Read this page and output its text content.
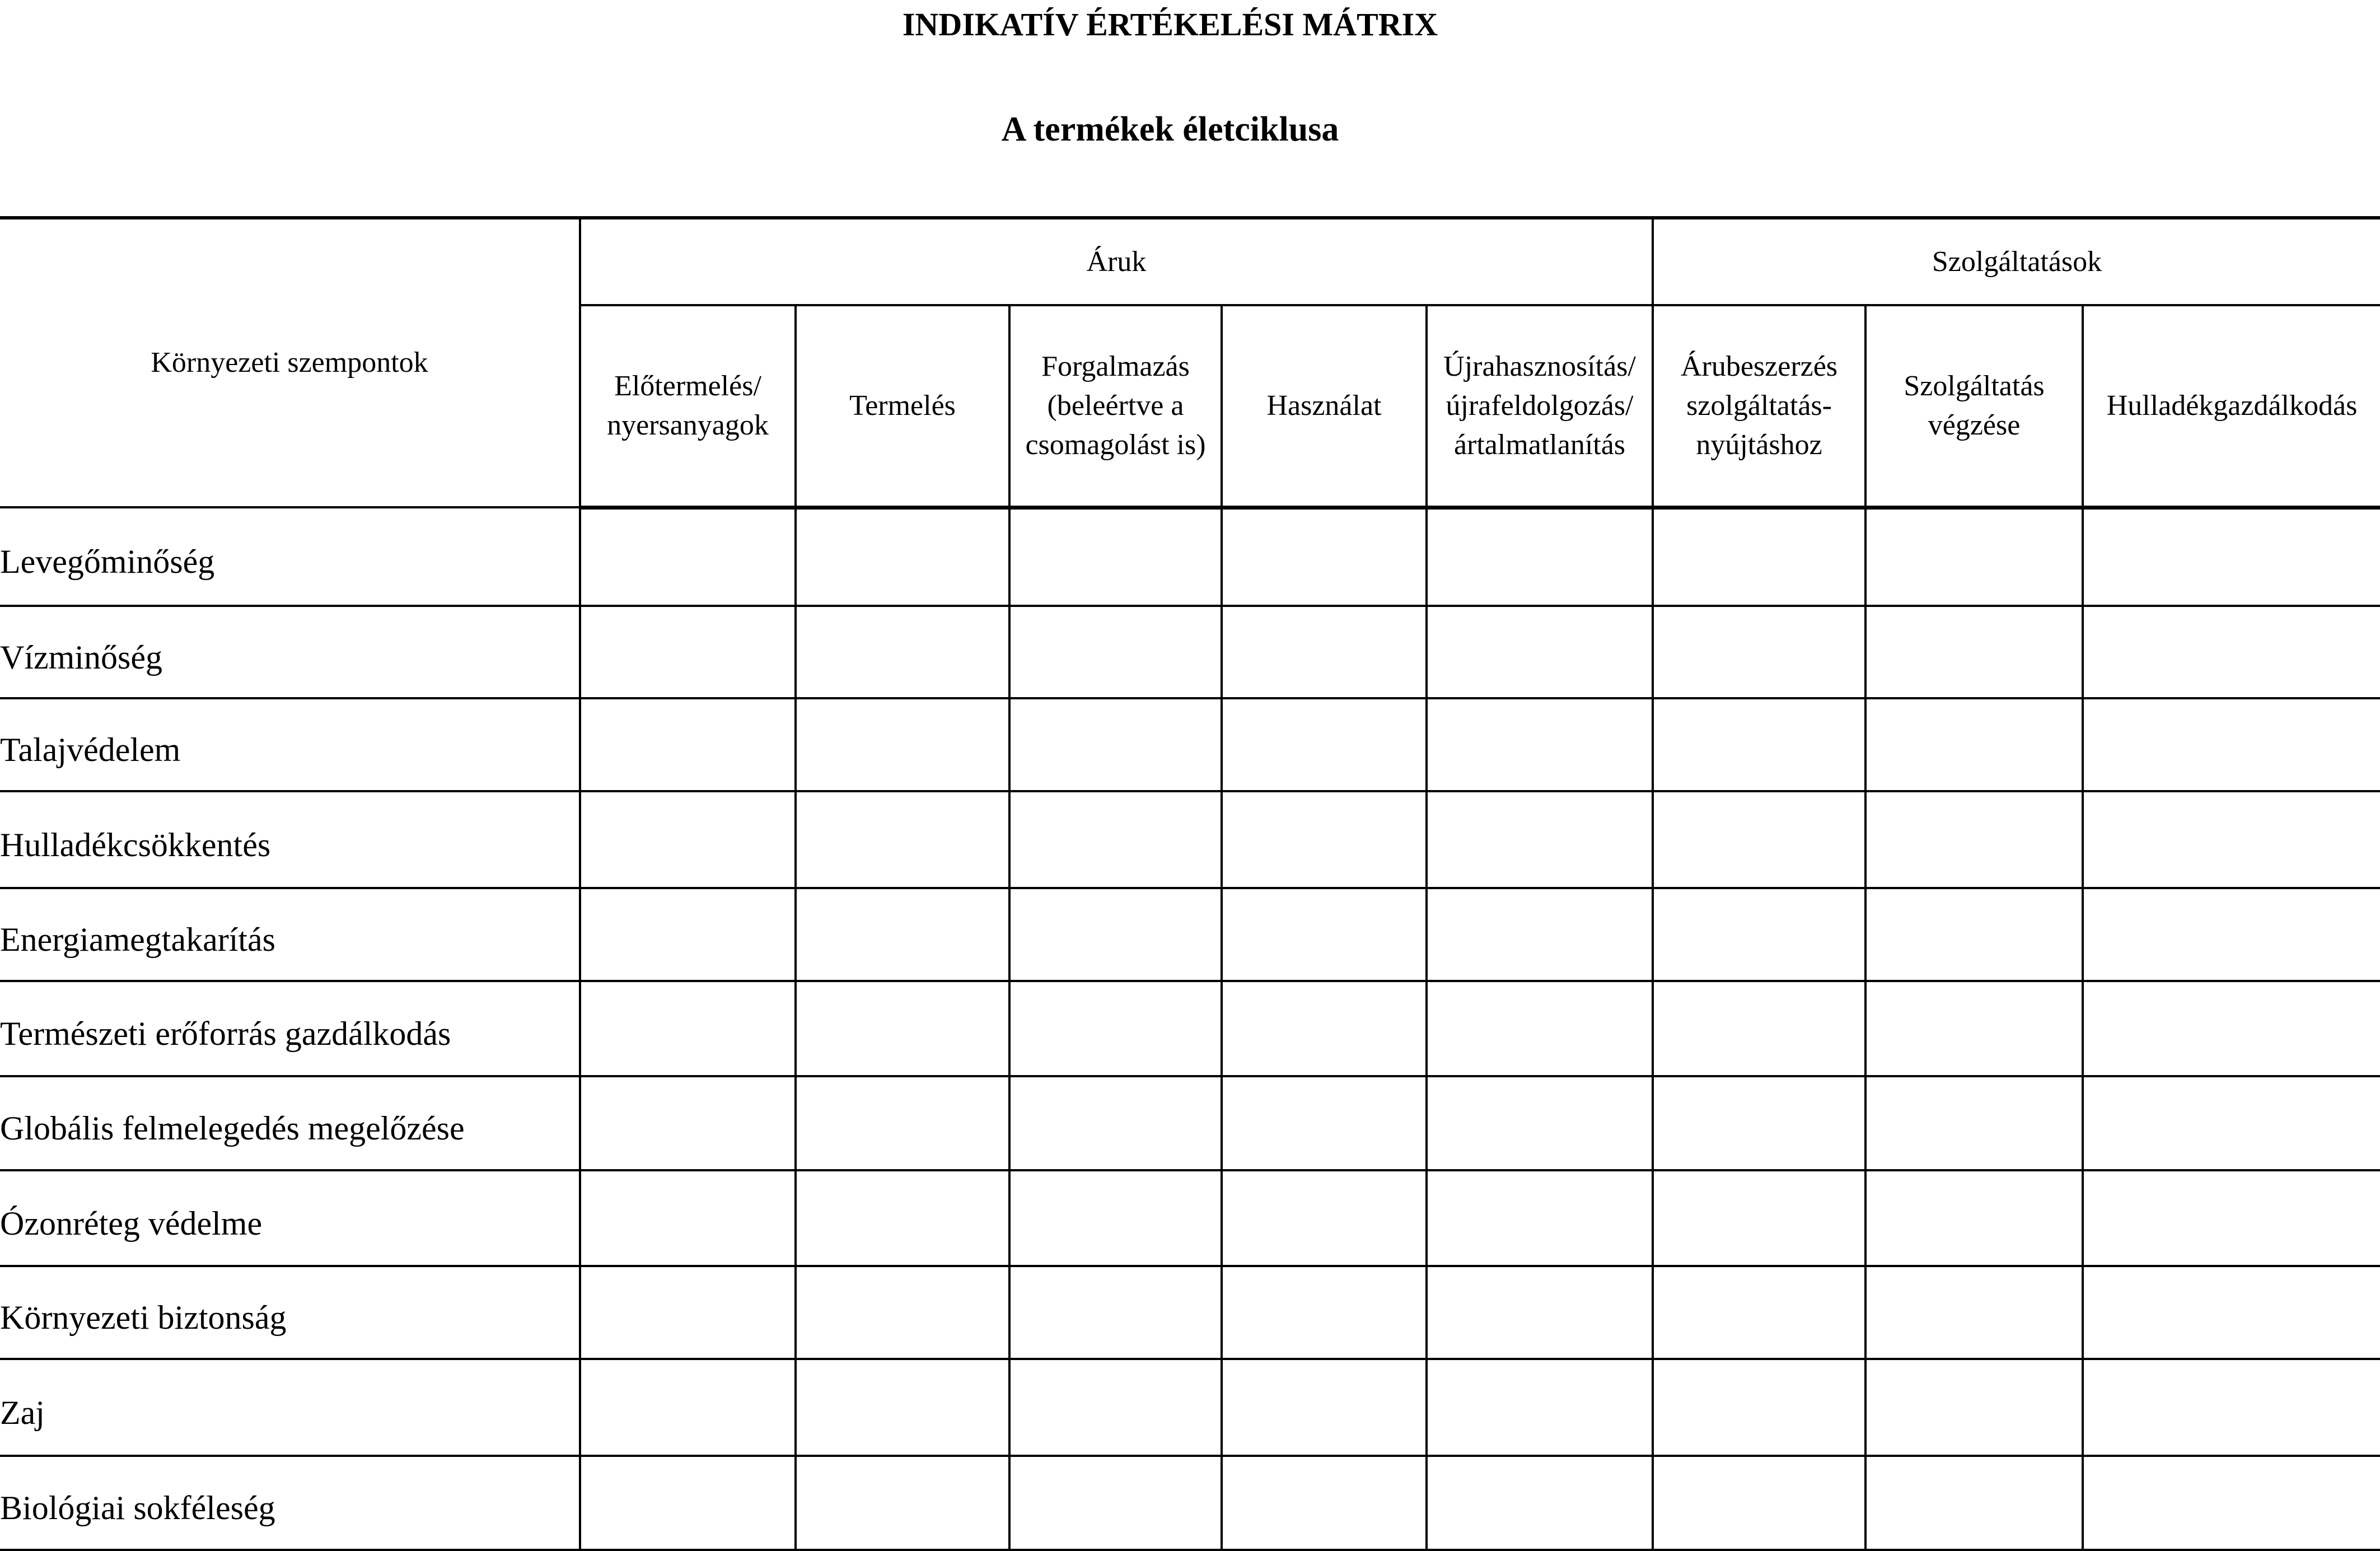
INDIKATÍV ÉRTÉKELÉSI MÁTRIX
A termékek életciklusa
Környezeti szempontok	Áruk					Szolgáltatások		
	Előtermelés/ nyersanyagok	Termelés	Forgalmazás (beleértve a csomagolást is)	Használat	Újrahasznosítás/ újrafeldolgozás/ ártalmatlanítás	Árubeszerzés szolgáltatás-nyújtáshoz	Szolgáltatás végzése	Hulladékgazdálkodás
Levegőminőség								
Vízminőség								
Talajvédelem								
Hulladékcsökkentés								
Energiamegtakarítás								
Természeti erőforrás gazdálkodás								
Globális felmelegedés megelőzése								
Ózonréteg védelme								
Környezeti biztonság								
Zaj								
Biológiai sokféleség								
